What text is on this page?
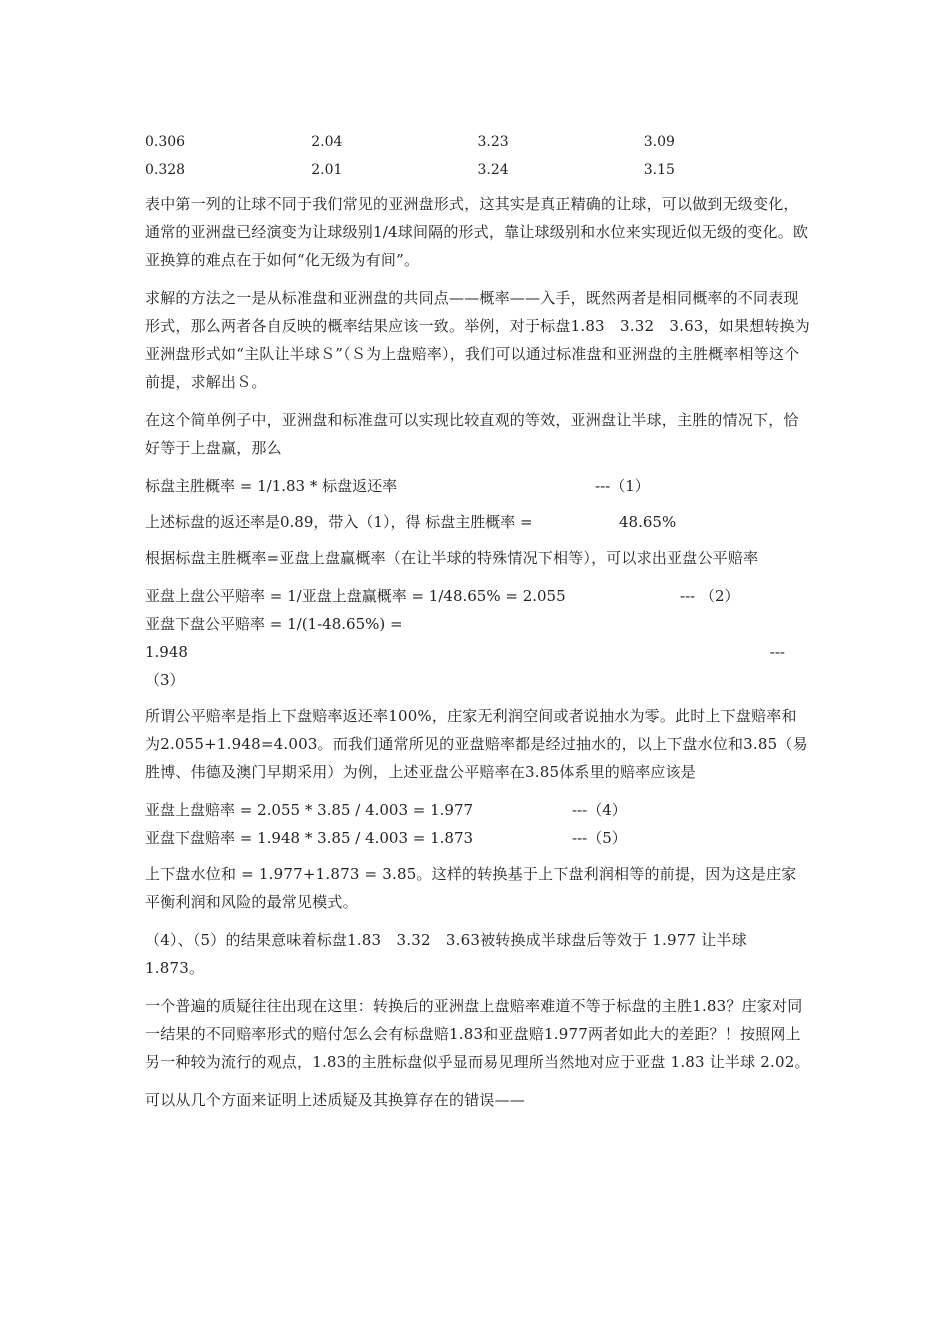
0.306	2.04	3.23	3.09
0.328	2.01	3.24	3.15

表中第一列的让球不同于我们常见的亚洲盘形式，这其实是真正精确的让球，可以做到无级变化，通常的亚洲盘已经演变为让球级别1/4球间隔的形式，靠让球级别和水位来实现近似无级的变化。欧亚换算的难点在于如何“化无级为有间”。

求解的方法之一是从标准盘和亚洲盘的共同点——概率——入手，既然两者是相同概率的不同表现形式，那么两者各自反映的概率结果应该一致。举例，对于标盘1.83　3.32　3.63，如果想转换为亚洲盘形式如“主队让半球Ｓ”（Ｓ为上盘赔率），我们可以通过标准盘和亚洲盘的主胜概率相等这个前提，求解出Ｓ。

在这个简单例子中，亚洲盘和标准盘可以实现比较直观的等效，亚洲盘让半球，主胜的情况下，恰好等于上盘赢，那么

标盘主胜概率 = 1/1.83 * 标盘返还率	---（1）
上述标盘的返还率是0.89，带入（1），得 标盘主胜概率 =	48.65%

根据标盘主胜概率=亚盘上盘赢概率（在让半球的特殊情况下相等），可以求出亚盘公平赔率

亚盘上盘公平赔率 = 1/亚盘上盘赢概率 = 1/48.65% = 2.055	--- （2）
亚盘下盘公平赔率 = 1/(1-48.65%) =
1.948	---
（3）

所谓公平赔率是指上下盘赔率返还率100%，庄家无利润空间或者说抽水为零。此时上下盘赔率和为2.055+1.948=4.003。而我们通常所见的亚盘赔率都是经过抽水的，以上下盘水位和3.85（易胜博、伟德及澳门早期采用）为例，上述亚盘公平赔率在3.85体系里的赔率应该是

亚盘上盘赔率 = 2.055 * 3.85 / 4.003 = 1.977	---（4）
亚盘下盘赔率 = 1.948 * 3.85 / 4.003 = 1.873	---（5）

上下盘水位和 = 1.977+1.873 = 3.85。这样的转换基于上下盘利润相等的前提，因为这是庄家平衡利润和风险的最常见模式。

（4）、（5）的结果意味着标盘1.83　3.32　3.63被转换成半球盘后等效于 1.977 让半球 1.873。

一个普遍的质疑往往出现在这里：转换后的亚洲盘上盘赔率难道不等于标盘的主胜1.83？庄家对同一结果的不同赔率形式的赔付怎么会有标盘赔1.83和亚盘赔1.977两者如此大的差距？！按照网上另一种较为流行的观点，1.83的主胜标盘似乎显而易见理所当然地对应于亚盘 1.83 让半球 2.02。

可以从几个方面来证明上述质疑及其换算存在的错误——
